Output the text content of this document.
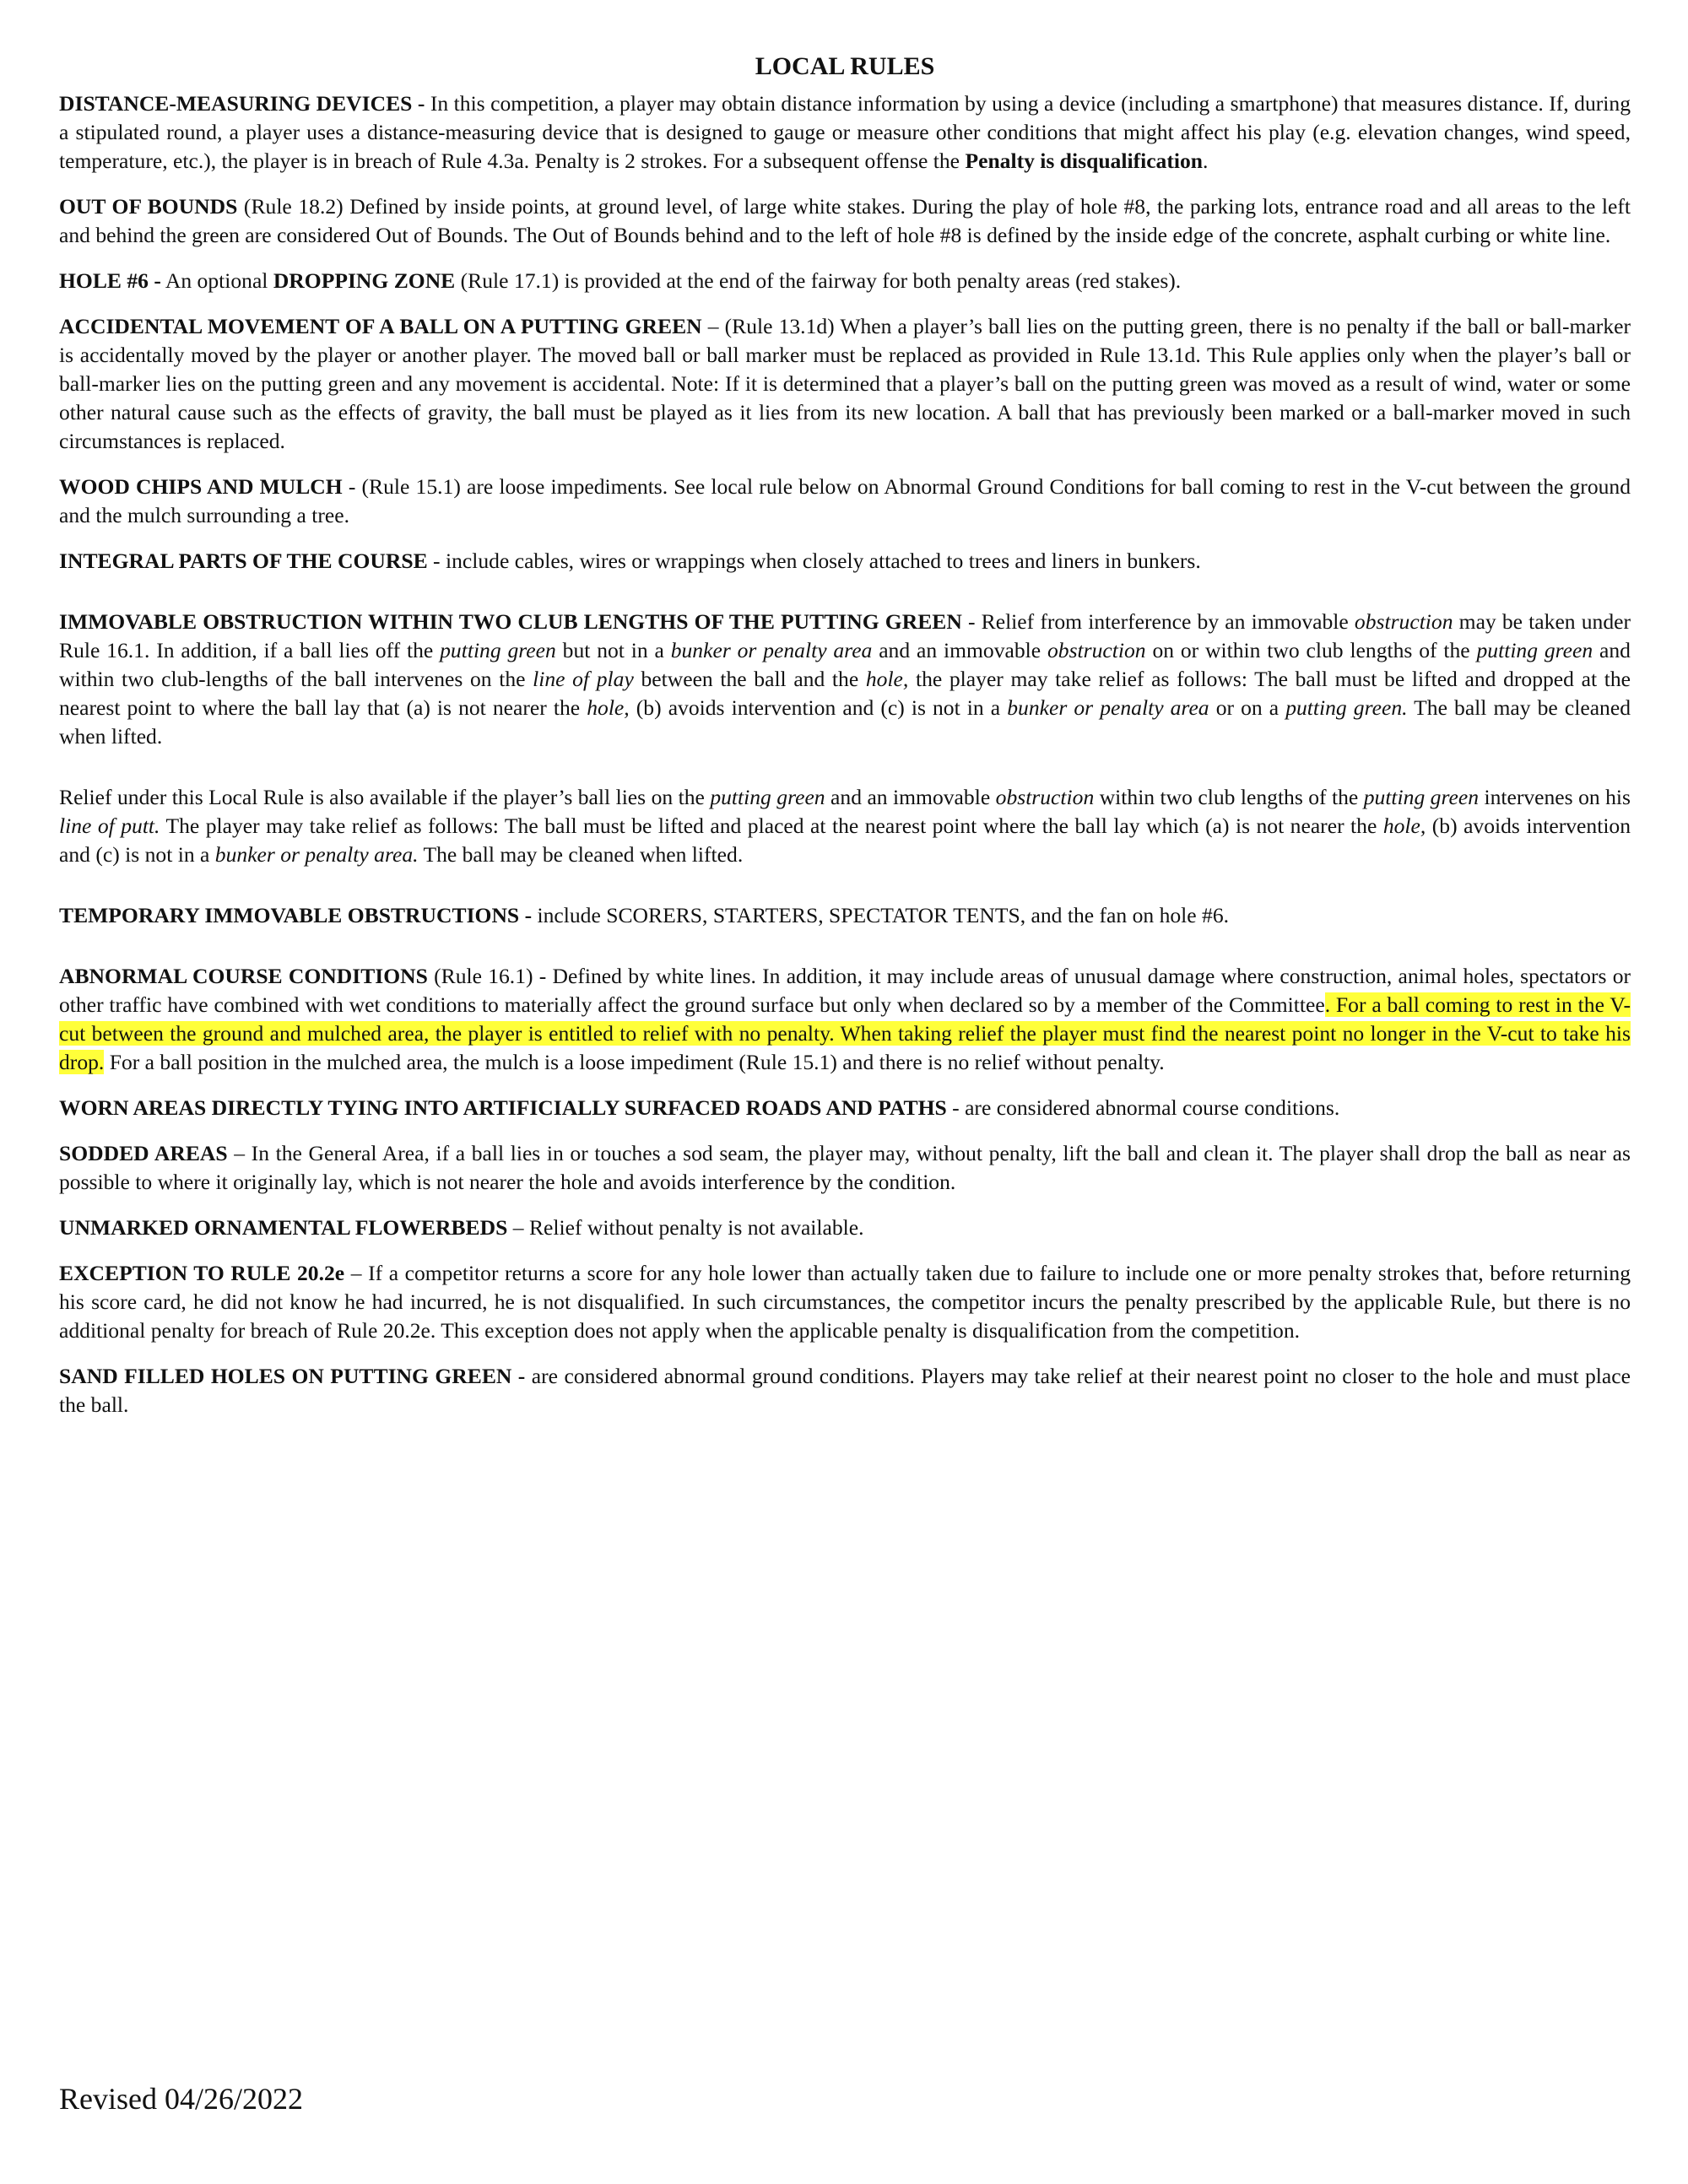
LOCAL RULES

DISTANCE-MEASURING DEVICES - In this competition, a player may obtain distance information by using a device (including a smartphone) that measures distance. If, during a stipulated round, a player uses a distance-measuring device that is designed to gauge or measure other conditions that might affect his play (e.g. elevation changes, wind speed, temperature, etc.), the player is in breach of Rule 4.3a. Penalty is 2 strokes. For a subsequent offense the Penalty is disqualification.

OUT OF BOUNDS (Rule 18.2) Defined by inside points, at ground level, of large white stakes. During the play of hole #8, the parking lots, entrance road and all areas to the left and behind the green are considered Out of Bounds. The Out of Bounds behind and to the left of hole #8 is defined by the inside edge of the concrete, asphalt curbing or white line.

HOLE #6 - An optional DROPPING ZONE (Rule 17.1) is provided at the end of the fairway for both penalty areas (red stakes).

ACCIDENTAL MOVEMENT OF A BALL ON A PUTTING GREEN – (Rule 13.1d) When a player’s ball lies on the putting green, there is no penalty if the ball or ball-marker is accidentally moved by the player or another player. The moved ball or ball marker must be replaced as provided in Rule 13.1d. This Rule applies only when the player’s ball or ball-marker lies on the putting green and any movement is accidental. Note: If it is determined that a player’s ball on the putting green was moved as a result of wind, water or some other natural cause such as the effects of gravity, the ball must be played as it lies from its new location. A ball that has previously been marked or a ball-marker moved in such circumstances is replaced.

WOOD CHIPS AND MULCH - (Rule 15.1) are loose impediments. See local rule below on Abnormal Ground Conditions for ball coming to rest in the V-cut between the ground and the mulch surrounding a tree.

INTEGRAL PARTS OF THE COURSE - include cables, wires or wrappings when closely attached to trees and liners in bunkers.

IMMOVABLE OBSTRUCTION WITHIN TWO CLUB LENGTHS OF THE PUTTING GREEN - Relief from interference by an immovable obstruction may be taken under Rule 16.1. In addition, if a ball lies off the putting green but not in a bunker or penalty area and an immovable obstruction on or within two club lengths of the putting green and within two club-lengths of the ball intervenes on the line of play between the ball and the hole, the player may take relief as follows: The ball must be lifted and dropped at the nearest point to where the ball lay that (a) is not nearer the hole, (b) avoids intervention and (c) is not in a bunker or penalty area or on a putting green. The ball may be cleaned when lifted.

Relief under this Local Rule is also available if the player’s ball lies on the putting green and an immovable obstruction within two club lengths of the putting green intervenes on his line of putt. The player may take relief as follows: The ball must be lifted and placed at the nearest point where the ball lay which (a) is not nearer the hole, (b) avoids intervention and (c) is not in a bunker or penalty area. The ball may be cleaned when lifted.

TEMPORARY IMMOVABLE OBSTRUCTIONS - include SCORERS, STARTERS, SPECTATOR TENTS, and the fan on hole #6.

ABNORMAL COURSE CONDITIONS (Rule 16.1) - Defined by white lines. In addition, it may include areas of unusual damage where construction, animal holes, spectators or other traffic have combined with wet conditions to materially affect the ground surface but only when declared so by a member of the Committee. For a ball coming to rest in the V-cut between the ground and mulched area, the player is entitled to relief with no penalty. When taking relief the player must find the nearest point no longer in the V-cut to take his drop. For a ball position in the mulched area, the mulch is a loose impediment (Rule 15.1) and there is no relief without penalty.

WORN AREAS DIRECTLY TYING INTO ARTIFICIALLY SURFACED ROADS AND PATHS - are considered abnormal course conditions.

SODDED AREAS – In the General Area, if a ball lies in or touches a sod seam, the player may, without penalty, lift the ball and clean it. The player shall drop the ball as near as possible to where it originally lay, which is not nearer the hole and avoids interference by the condition.

UNMARKED ORNAMENTAL FLOWERBEDS – Relief without penalty is not available.

EXCEPTION TO RULE 20.2e – If a competitor returns a score for any hole lower than actually taken due to failure to include one or more penalty strokes that, before returning his score card, he did not know he had incurred, he is not disqualified. In such circumstances, the competitor incurs the penalty prescribed by the applicable Rule, but there is no additional penalty for breach of Rule 20.2e. This exception does not apply when the applicable penalty is disqualification from the competition.

SAND FILLED HOLES ON PUTTING GREEN - are considered abnormal ground conditions. Players may take relief at their nearest point no closer to the hole and must place the ball.

Revised 04/26/2022
